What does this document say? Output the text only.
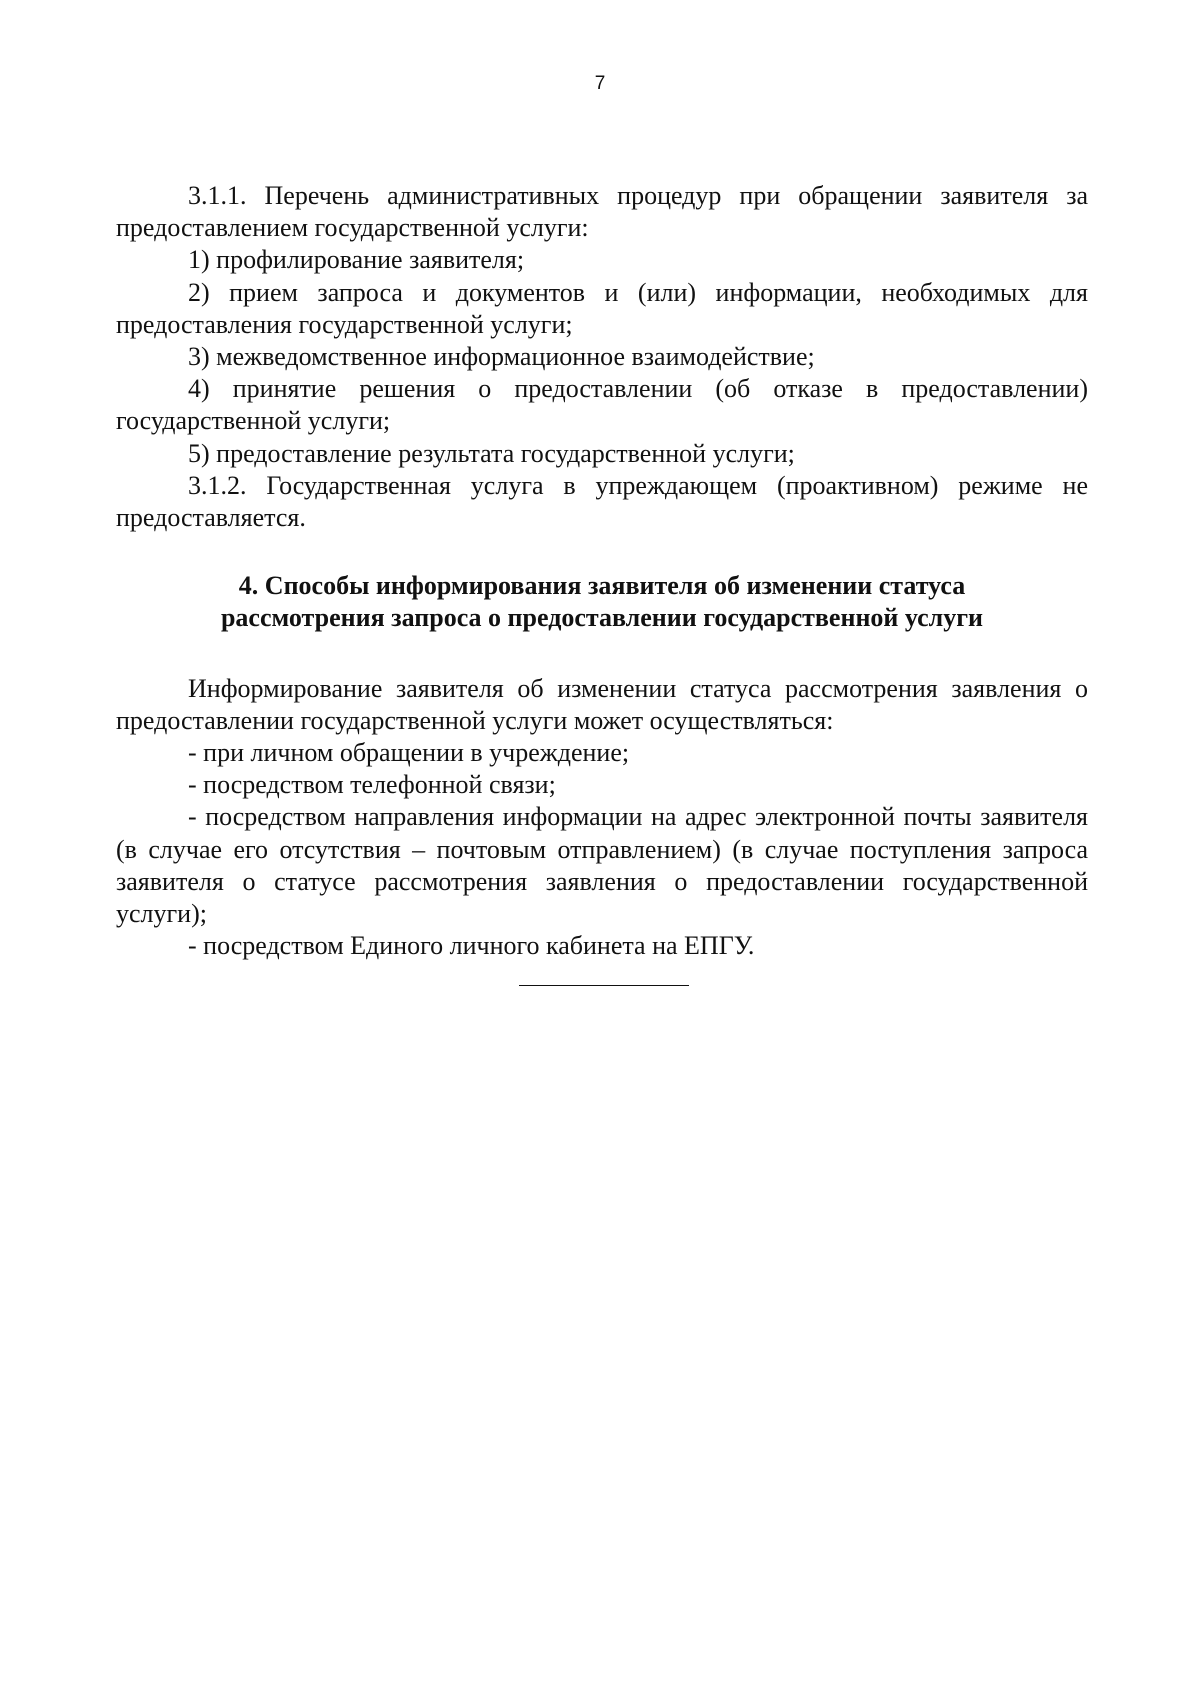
7

3.1.1. Перечень административных процедур при обращении заявителя за предоставлением государственной услуги:

1) профилирование заявителя;

2) прием запроса и документов и (или) информации, необходимых для предоставления государственной услуги;

3) межведомственное информационное взаимодействие;

4) принятие решения о предоставлении (об отказе в предоставлении) государственной услуги;

5) предоставление результата государственной услуги;

3.1.2. Государственная услуга в упреждающем (проактивном) режиме не предоставляется.

4. Способы информирования заявителя об изменении статуса
рассмотрения запроса о предоставлении государственной услуги

Информирование заявителя об изменении статуса рассмотрения заявления о предоставлении государственной услуги может осуществляться:

- при личном обращении в учреждение;

- посредством телефонной связи;

- посредством направления информации на адрес электронной почты заявителя (в случае его отсутствия – почтовым отправлением) (в случае поступления запроса заявителя о статусе рассмотрения заявления о предоставлении государственной услуги);

- посредством Единого личного кабинета на ЕПГУ.
